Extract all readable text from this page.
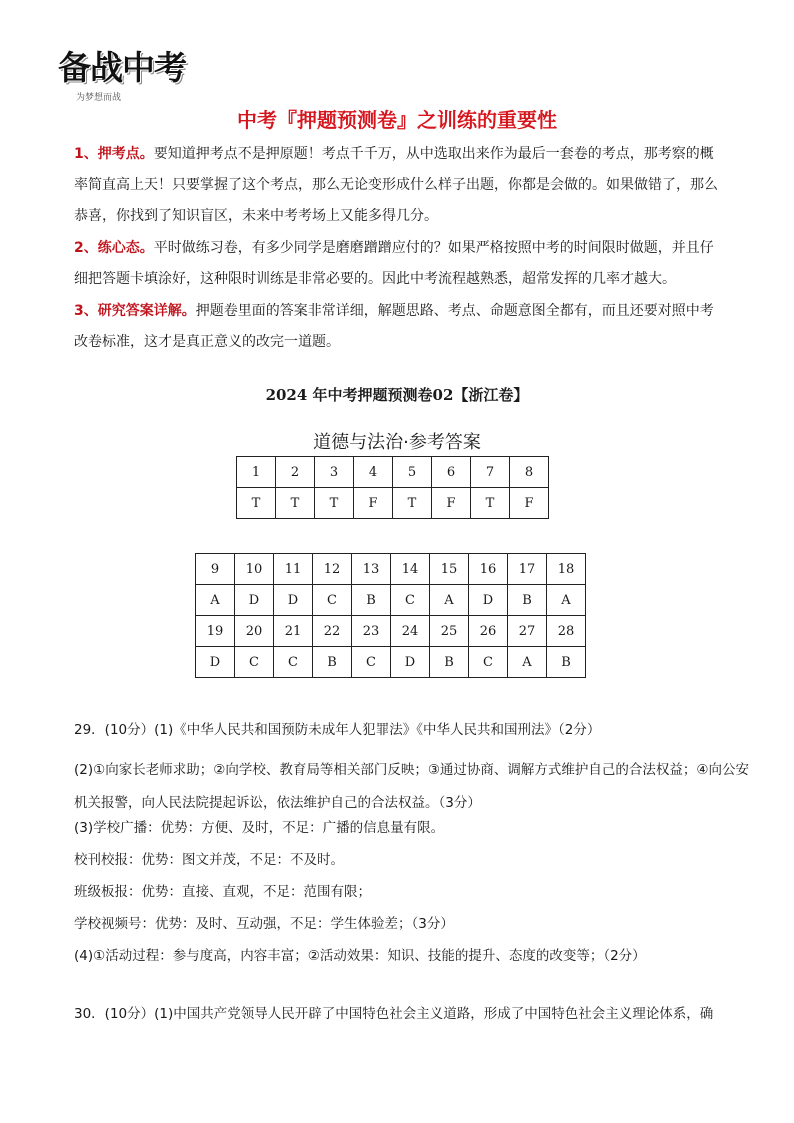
备战中考
为梦想而战
中考『押题预测卷』之训练的重要性
1、押考点。要知道押考点不是押原题！考点千千万，从中选取出来作为最后一套卷的考点，那考察的概率简直高上天！只要掌握了这个考点，那么无论变形成什么样子出题，你都是会做的。如果做错了，那么恭喜，你找到了知识盲区，未来中考考场上又能多得几分。
2、练心态。平时做练习卷，有多少同学是磨磨蹭蹭应付的？如果严格按照中考的时间限时做题，并且仔细把答题卡填涂好，这种限时训练是非常必要的。因此中考流程越熟悉，超常发挥的几率才越大。
3、研究答案详解。押题卷里面的答案非常详细，解题思路、考点、命题意图全都有，而且还要对照中考改卷标准，这才是真正意义的改完一道题。
2024 年中考押题预测卷02【浙江卷】
道德与法治·参考答案
1	2	3	4	5	6	7	8
T	T	T	F	T	F	T	F
9	10	11	12	13	14	15	16	17	18
A	D	D	C	B	C	A	D	B	A
19	20	21	22	23	24	25	26	27	28
D	C	C	B	C	D	B	C	A	B
29．(10分）(1)《中华人民共和国预防未成年人犯罪法》《中华人民共和国刑法》（2分）
(2)①向家长老师求助；②向学校、教育局等相关部门反映；③通过协商、调解方式维护自己的合法权益；④向公安机关报警，向人民法院提起诉讼，依法维护自己的合法权益。（3分）
(3)学校广播：优势：方便、及时，不足：广播的信息量有限。
校刊校报：优势：图文并茂，不足：不及时。
班级板报：优势：直接、直观，不足：范围有限；
学校视频号：优势：及时、互动强，不足：学生体验差；（3分）
(4)①活动过程：参与度高，内容丰富；②活动效果：知识、技能的提升、态度的改变等；（2分）
30．(10分）(1)中国共产党领导人民开辟了中国特色社会主义道路，形成了中国特色社会主义理论体系，确
